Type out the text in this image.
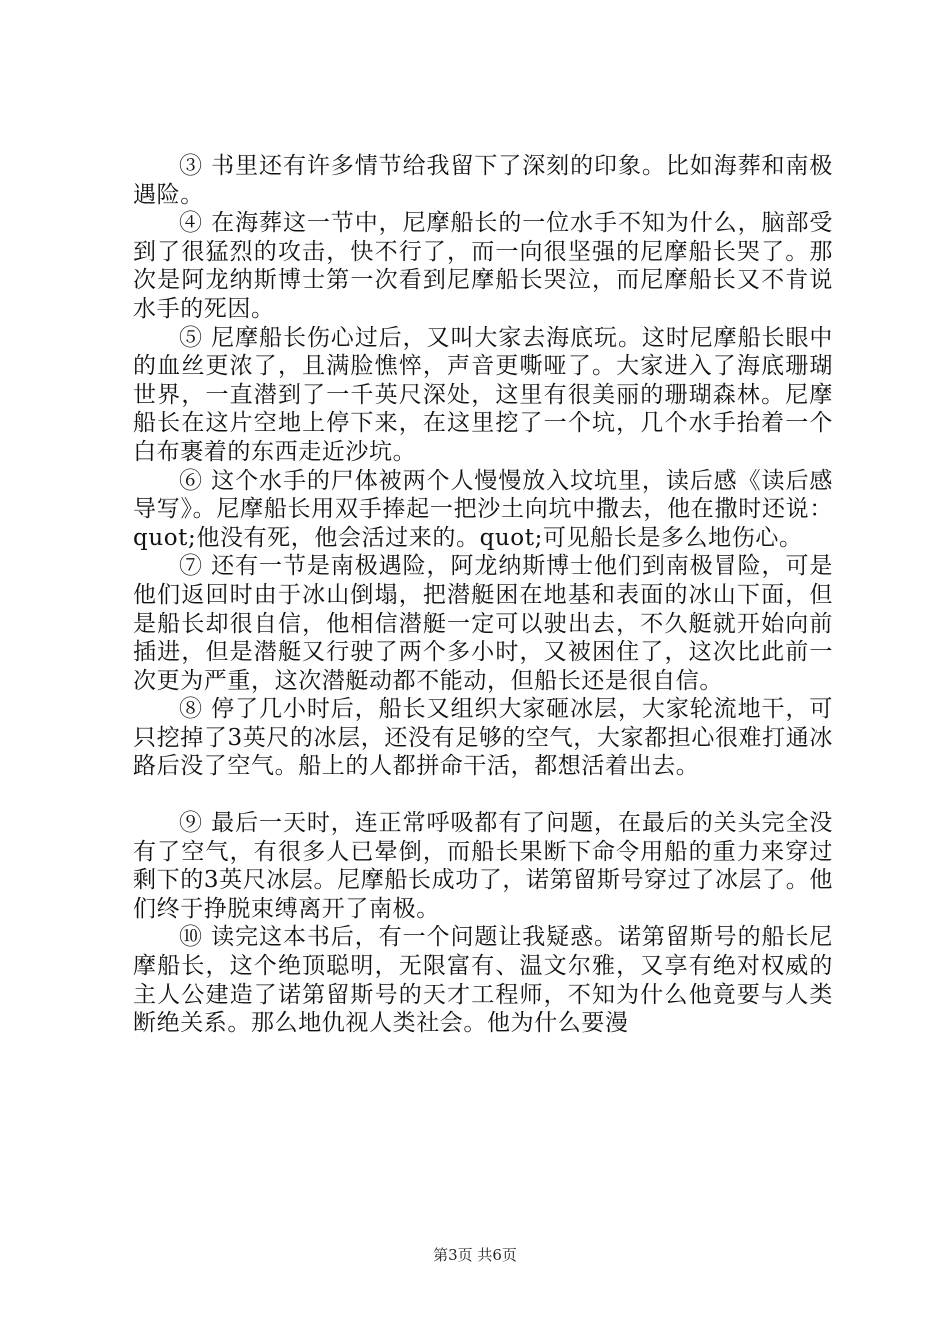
③ 书里还有许多情节给我留下了深刻的印象。比如海葬和南极遇险。

④ 在海葬这一节中，尼摩船长的一位水手不知为什么，脑部受到了很猛烈的攻击，快不行了，而一向很坚强的尼摩船长哭了。那次是阿龙纳斯博士第一次看到尼摩船长哭泣，而尼摩船长又不肯说水手的死因。

⑤ 尼摩船长伤心过后，又叫大家去海底玩。这时尼摩船长眼中的血丝更浓了，且满脸憔悴，声音更嘶哑了。大家进入了海底珊瑚世界，一直潜到了一千英尺深处，这里有很美丽的珊瑚森林。尼摩船长在这片空地上停下来，在这里挖了一个坑，几个水手抬着一个白布裹着的东西走近沙坑。

⑥ 这个水手的尸体被两个人慢慢放入坟坑里，读后感《读后感导写》。尼摩船长用双手捧起一把沙土向坑中撒去，他在撒时还说：quot;他没有死，他会活过来的。quot;可见船长是多么地伤心。

⑦ 还有一节是南极遇险，阿龙纳斯博士他们到南极冒险，可是他们返回时由于冰山倒塌，把潜艇困在地基和表面的冰山下面，但是船长却很自信，他相信潜艇一定可以驶出去，不久艇就开始向前插进，但是潜艇又行驶了两个多小时，又被困住了，这次比此前一次更为严重，这次潜艇动都不能动，但船长还是很自信。

⑧ 停了几小时后，船长又组织大家砸冰层，大家轮流地干，可只挖掉了3英尺的冰层，还没有足够的空气，大家都担心很难打通冰路后没了空气。船上的人都拼命干活，都想活着出去。

⑨ 最后一天时，连正常呼吸都有了问题，在最后的关头完全没有了空气，有很多人已晕倒，而船长果断下命令用船的重力来穿过剩下的3英尺冰层。尼摩船长成功了，诺第留斯号穿过了冰层了。他们终于挣脱束缚离开了南极。

⑩ 读完这本书后，有一个问题让我疑惑。诺第留斯号的船长尼摩船长，这个绝顶聪明，无限富有、温文尔雅，又享有绝对权威的主人公建造了诺第留斯号的天才工程师，不知为什么他竟要与人类断绝关系。那么地仇视人类社会。他为什么要漫

第3页 共6页
